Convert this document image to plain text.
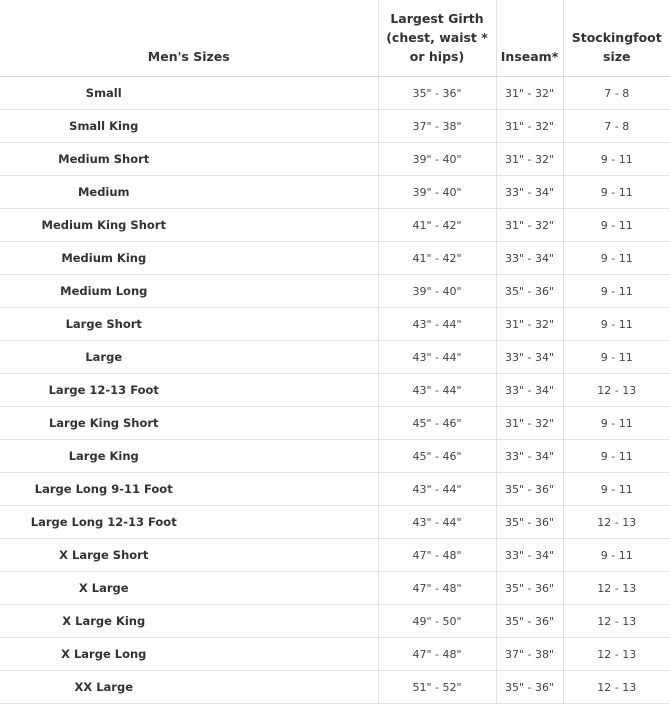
Men's Sizes	Largest Girth (chest, waist * or hips)	Inseam*	Stockingfoot size
Small	35" - 36"	31" - 32"	7 - 8
Small King	37" - 38"	31" - 32"	7 - 8
Medium Short	39" - 40"	31" - 32"	9 - 11
Medium	39" - 40"	33" - 34"	9 - 11
Medium King Short	41" - 42"	31" - 32"	9 - 11
Medium King	41" - 42"	33" - 34"	9 - 11
Medium Long	39" - 40"	35" - 36"	9 - 11
Large Short	43" - 44"	31" - 32"	9 - 11
Large	43" - 44"	33" - 34"	9 - 11
Large 12-13 Foot	43" - 44"	33" - 34"	12 - 13
Large King Short	45" - 46"	31" - 32"	9 - 11
Large King	45" - 46"	33" - 34"	9 - 11
Large Long 9-11 Foot	43" - 44"	35" - 36"	9 - 11
Large Long 12-13 Foot	43" - 44"	35" - 36"	12 - 13
X Large Short	47" - 48"	33" - 34"	9 - 11
X Large	47" - 48"	35" - 36"	12 - 13
X Large King	49" - 50"	35" - 36"	12 - 13
X Large Long	47" - 48"	37" - 38"	12 - 13
XX Large	51" - 52"	35" - 36"	12 - 13
